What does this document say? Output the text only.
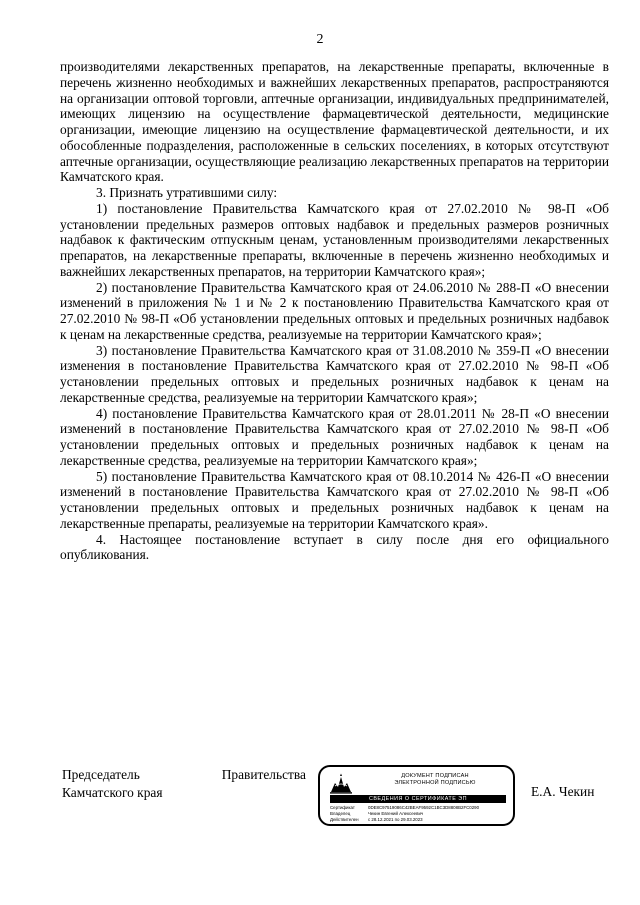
2

производителями лекарственных препаратов, на лекарственные препараты, включенные в перечень жизненно необходимых и важнейших лекарственных препаратов, распространяются на организации оптовой торговли, аптечные организации, индивидуальных предпринимателей, имеющих лицензию на осуществление фармацевтической деятельности, медицинские организации, имеющие лицензию на осуществление фармацевтической деятельности, и их обособленные подразделения, расположенные в сельских поселениях, в которых отсутствуют аптечные организации, осуществляющие реализацию лекарственных препаратов на территории Камчатского края.

3. Признать утратившими силу:

1) постановление Правительства Камчатского края от 27.02.2010 № 98-П «Об установлении предельных размеров оптовых надбавок и предельных размеров розничных надбавок к фактическим отпускным ценам, установленным производителями лекарственных препаратов, на лекарственные препараты, включенные в перечень жизненно необходимых и важнейших лекарственных препаратов, на территории Камчатского края»;

2) постановление Правительства Камчатского края от 24.06.2010 № 288-П «О внесении изменений в приложения № 1 и № 2 к постановлению Правительства Камчатского края от 27.02.2010 № 98-П «Об установлении предельных оптовых и предельных розничных надбавок к ценам на лекарственные средства, реализуемые на территории Камчатского края»;

3) постановление Правительства Камчатского края от 31.08.2010 № 359-П «О внесении изменения в постановление Правительства Камчатского края от 27.02.2010 № 98-П «Об установлении предельных оптовых и предельных розничных надбавок к ценам на лекарственные средства, реализуемые на территории Камчатского края»;

4) постановление Правительства Камчатского края от 28.01.2011 № 28-П «О внесении изменений в постановление Правительства Камчатского края от 27.02.2010 № 98-П «Об установлении предельных оптовых и предельных розничных надбавок к ценам на лекарственные средства, реализуемые на территории Камчатского края»;

5) постановление Правительства Камчатского края от 08.10.2014 № 426-П «О внесении изменений в постановление Правительства Камчатского края от 27.02.2010 № 98-П «Об установлении предельных оптовых и предельных розничных надбавок к ценам на лекарственные препараты, реализуемые на территории Камчатского края».

4. Настоящее постановление вступает в силу после дня его официального опубликования.

Председатель	Правительства
Камчатского края
ДОКУМЕНТ ПОДПИСАН
ЭЛЕКТРОННОЙ ПОДПИСЬЮ
СВЕДЕНИЯ О СЕРТИФИКАТЕ ЭП
Сертификат	0DE8C97519086C42BEAF9592C1BC3D8808B2FC0290
Владелец	Чекин Евгений Алексеевич
Действителен	с 28.12.2021 по 29.03.2023
Е.А. Чекин
